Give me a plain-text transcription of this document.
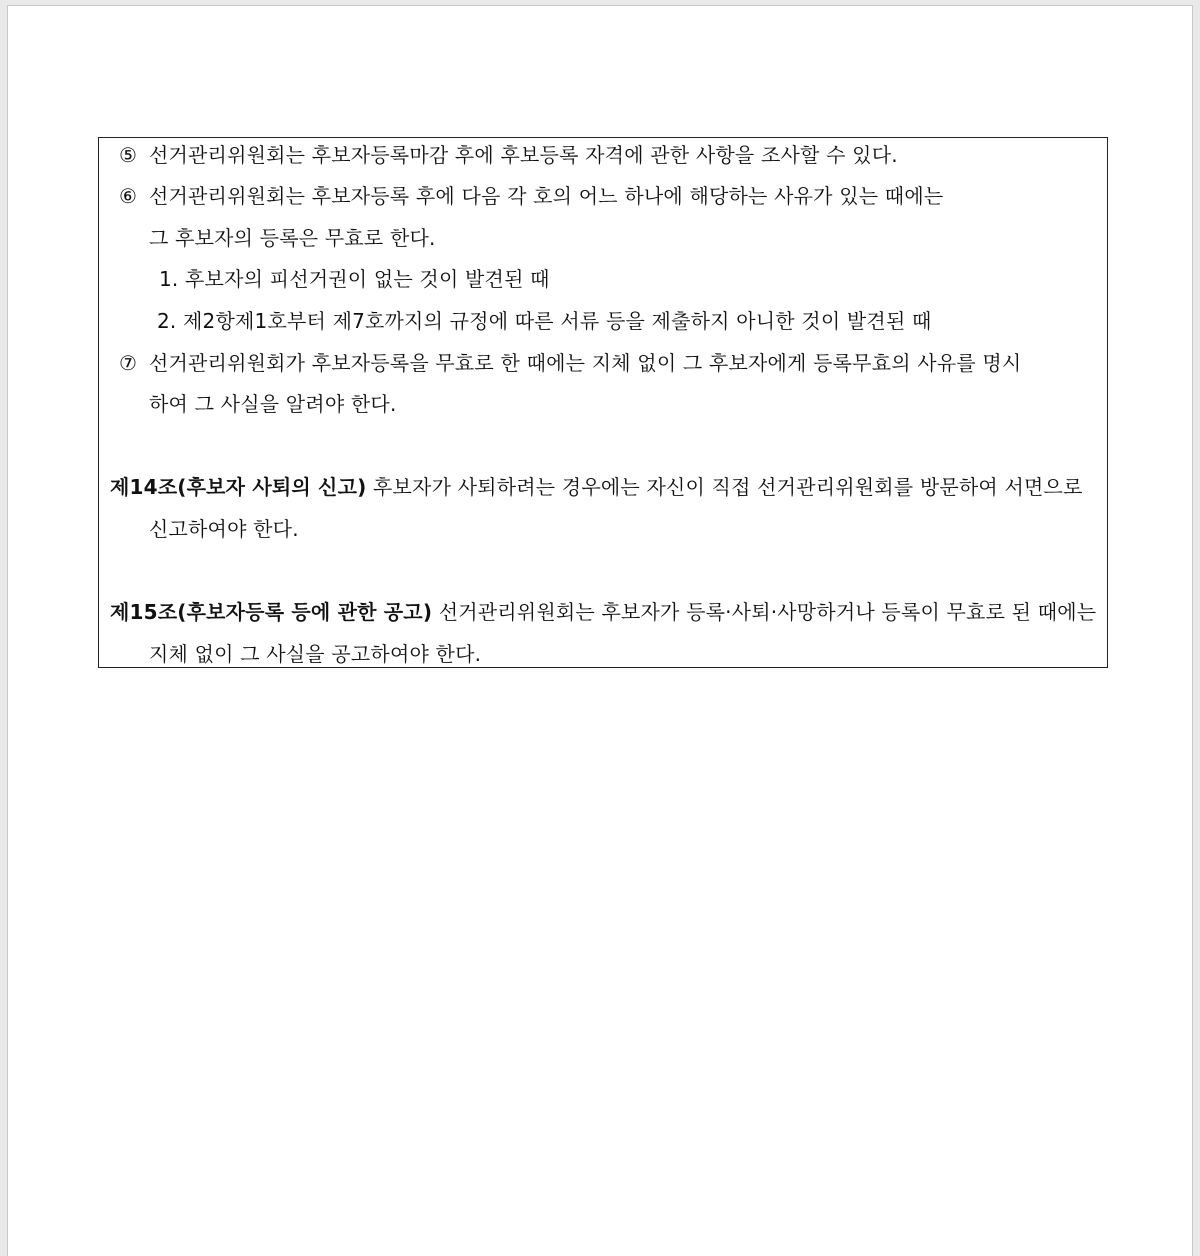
⑤ 선거관리위원회는 후보자등록마감 후에 후보등록 자격에 관한 사항을 조사할 수 있다.
⑥ 선거관리위원회는 후보자등록 후에 다음 각 호의 어느 하나에 해당하는 사유가 있는 때에는
그 후보자의 등록은 무효로 한다.
1. 후보자의 피선거권이 없는 것이 발견된 때
2. 제2항제1호부터 제7호까지의 규정에 따른 서류 등을 제출하지 아니한 것이 발견된 때
⑦ 선거관리위원회가 후보자등록을 무효로 한 때에는 지체 없이 그 후보자에게 등록무효의 사유를 명시
하여 그 사실을 알려야 한다.
제14조(후보자 사퇴의 신고) 후보자가 사퇴하려는 경우에는 자신이 직접 선거관리위원회를 방문하여 서면으로
신고하여야 한다.
제15조(후보자등록 등에 관한 공고) 선거관리위원회는 후보자가 등록·사퇴·사망하거나 등록이 무효로 된 때에는
지체 없이 그 사실을 공고하여야 한다.
